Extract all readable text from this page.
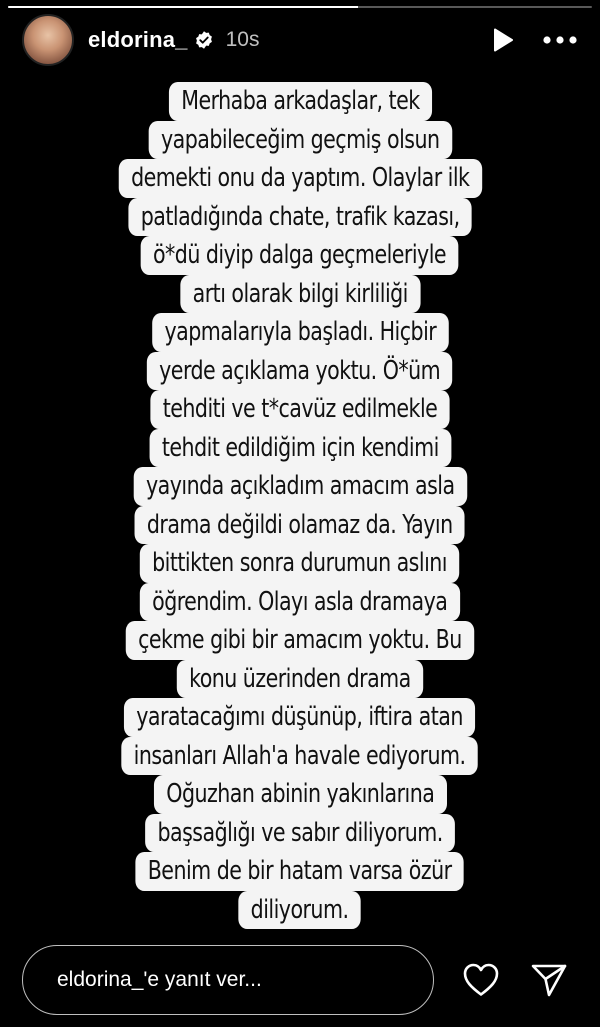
eldorina_ 10s
Merhaba arkadaşlar, tek
yapabileceğim geçmiş olsun
demekti onu da yaptım. Olaylar ilk
patladığında chate, trafik kazası,
ö*dü diyip dalga geçmeleriyle
artı olarak bilgi kirliliği
yapmalarıyla başladı. Hiçbir
yerde açıklama yoktu. Ö*üm
tehditi ve t*cavüz edilmekle
tehdit edildiğim için kendimi
yayında açıkladım amacım asla
drama değildi olamaz da. Yayın
bittikten sonra durumun aslını
öğrendim. Olayı asla dramaya
çekme gibi bir amacım yoktu. Bu
konu üzerinden drama
yaratacağımı düşünüp, iftira atan
insanları Allah'a havale ediyorum.
Oğuzhan abinin yakınlarına
başsağlığı ve sabır diliyorum.
Benim de bir hatam varsa özür
diliyorum.
eldorina_'e yanıt ver...
